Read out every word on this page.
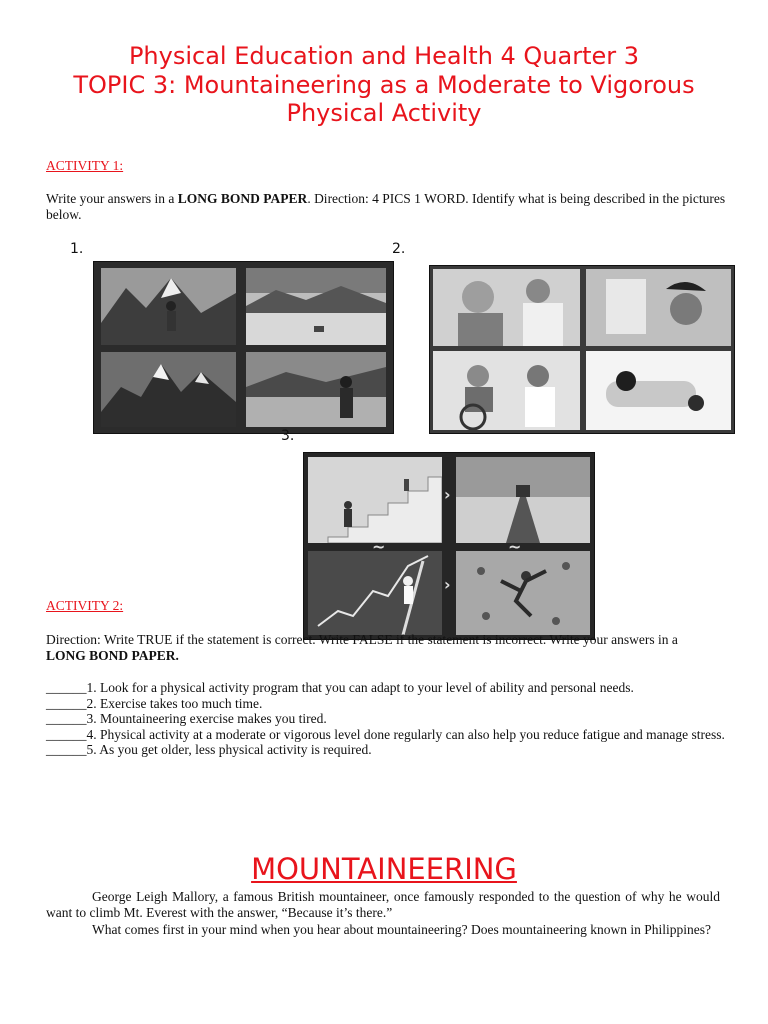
Physical Education and Health 4 Quarter 3
TOPIC 3: Mountaineering as a Moderate to Vigorous
Physical Activity
ACTIVITY 1:
Write your answers in a LONG BOND PAPER. Direction: 4 PICS 1 WORD. Identify what is being described in the pictures below.
1.	2.
3.
›
~	~
›
ACTIVITY 2:
Direction: Write TRUE if the statement is correct. Write FALSE if the statement is incorrect. Write your answers in a LONG BOND PAPER.
______1. Look for a physical activity program that you can adapt to your level of ability and personal needs.
______2. Exercise takes too much time.
______3. Mountaineering exercise makes you tired.
______4. Physical activity at a moderate or vigorous level done regularly can also help you reduce fatigue and manage stress.
______5. As you get older, less physical activity is required.
MOUNTAINEERING
George Leigh Mallory, a famous British mountaineer, once famously responded to the question of why he would want to climb Mt. Everest with the answer, “Because it’s there.”
What comes first in your mind when you hear about mountaineering? Does mountaineering known in Philippines?
